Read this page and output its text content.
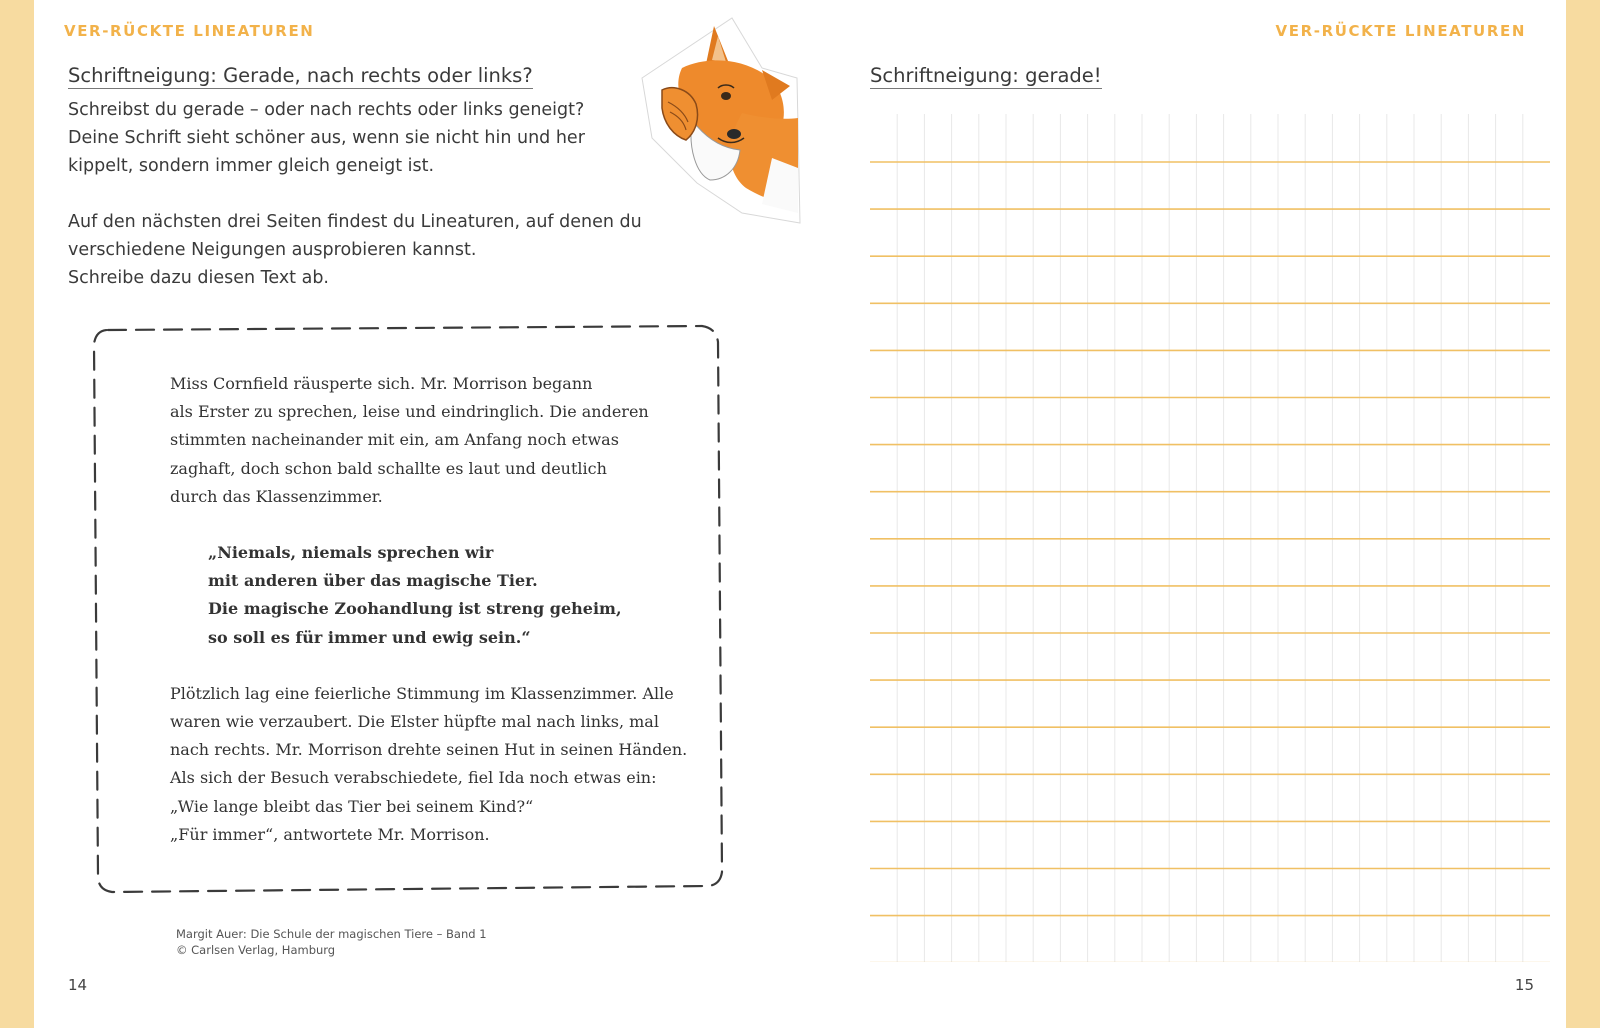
VER-RÜCKTE LINEATUREN
Schriftneigung: Gerade, nach rechts oder links?

Schreibst du gerade – oder nach rechts oder links geneigt?
Deine Schrift sieht schöner aus, wenn sie nicht hin und her
kippelt, sondern immer gleich geneigt ist.

Auf den nächsten drei Seiten findest du Lineaturen, auf denen du
verschiedene Neigungen ausprobieren kannst.
Schreibe dazu diesen Text ab.

Miss Cornfield räusperte sich. Mr. Morrison begann
als Erster zu sprechen, leise und eindringlich. Die anderen
stimmten nacheinander mit ein, am Anfang noch etwas
zaghaft, doch schon bald schallte es laut und deutlich
durch das Klassenzimmer.
„Niemals, niemals sprechen wir
mit anderen über das magische Tier.
Die magische Zoohandlung ist streng geheim,
so soll es für immer und ewig sein.“
Plötzlich lag eine feierliche Stimmung im Klassenzimmer. Alle
waren wie verzaubert. Die Elster hüpfte mal nach links, mal
nach rechts. Mr. Morrison drehte seinen Hut in seinen Händen.
Als sich der Besuch verabschiedete, fiel Ida noch etwas ein:
„Wie lange bleibt das Tier bei seinem Kind?“
„Für immer“, antwortete Mr. Morrison.
Margit Auer: Die Schule der magischen Tiere – Band 1
© Carlsen Verlag, Hamburg
14
VER-RÜCKTE LINEATUREN
Schriftneigung: gerade!
15
